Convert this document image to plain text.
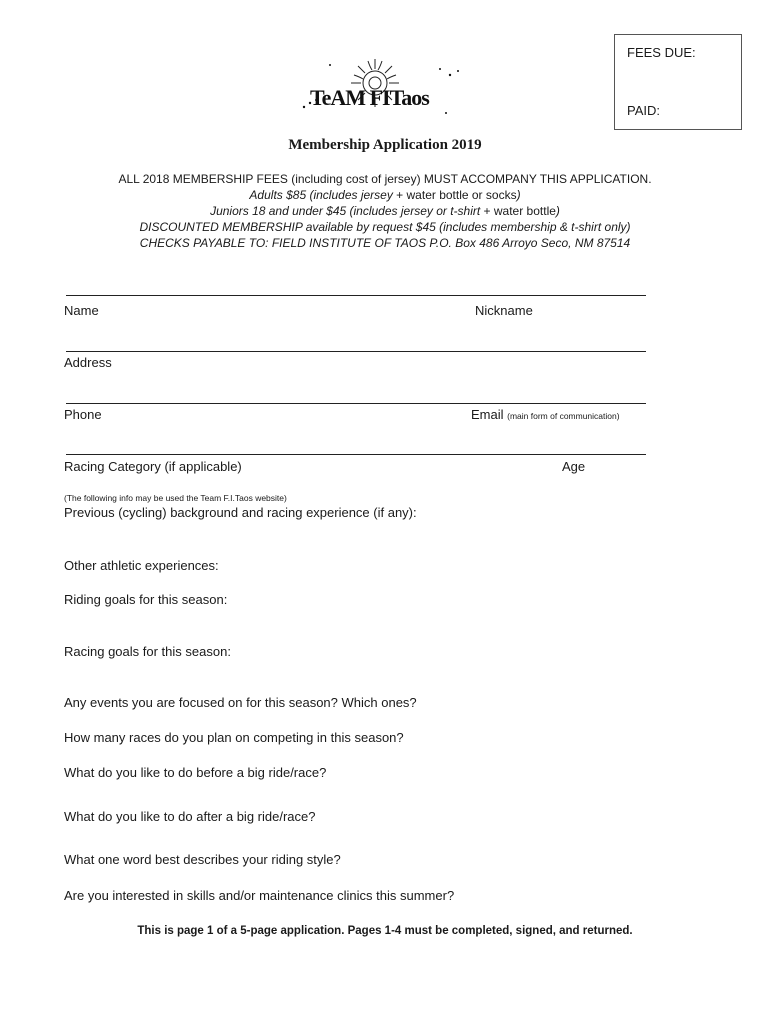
FEES DUE:
PAID:
TeAM FITaos
Membership Application 2019
ALL 2018 MEMBERSHIP FEES (including cost of jersey) MUST ACCOMPANY THIS APPLICATION.
Adults $85 (includes jersey + water bottle or socks)
Juniors 18 and under $45 (includes jersey or t-shirt + water bottle)
DISCOUNTED MEMBERSHIP available by request $45 (includes membership & t-shirt only)
CHECKS PAYABLE TO: FIELD INSTITUTE OF TAOS P.O. Box 486 Arroyo Seco, NM 87514
Name	Nickname
Address
Phone	Email (main form of communication)
Racing Category (if applicable)	Age
(The following info may be used the Team F.I.Taos website)
Previous (cycling) background and racing experience (if any):
Other athletic experiences:
Riding goals for this season:
Racing goals for this season:
Any events you are focused on for this season? Which ones?
How many races do you plan on competing in this season?
What do you like to do before a big ride/race?
What do you like to do after a big ride/race?
What one word best describes your riding style?
Are you interested in skills and/or maintenance clinics this summer?
This is page 1 of a 5-page application. Pages 1-4 must be completed, signed, and returned.
